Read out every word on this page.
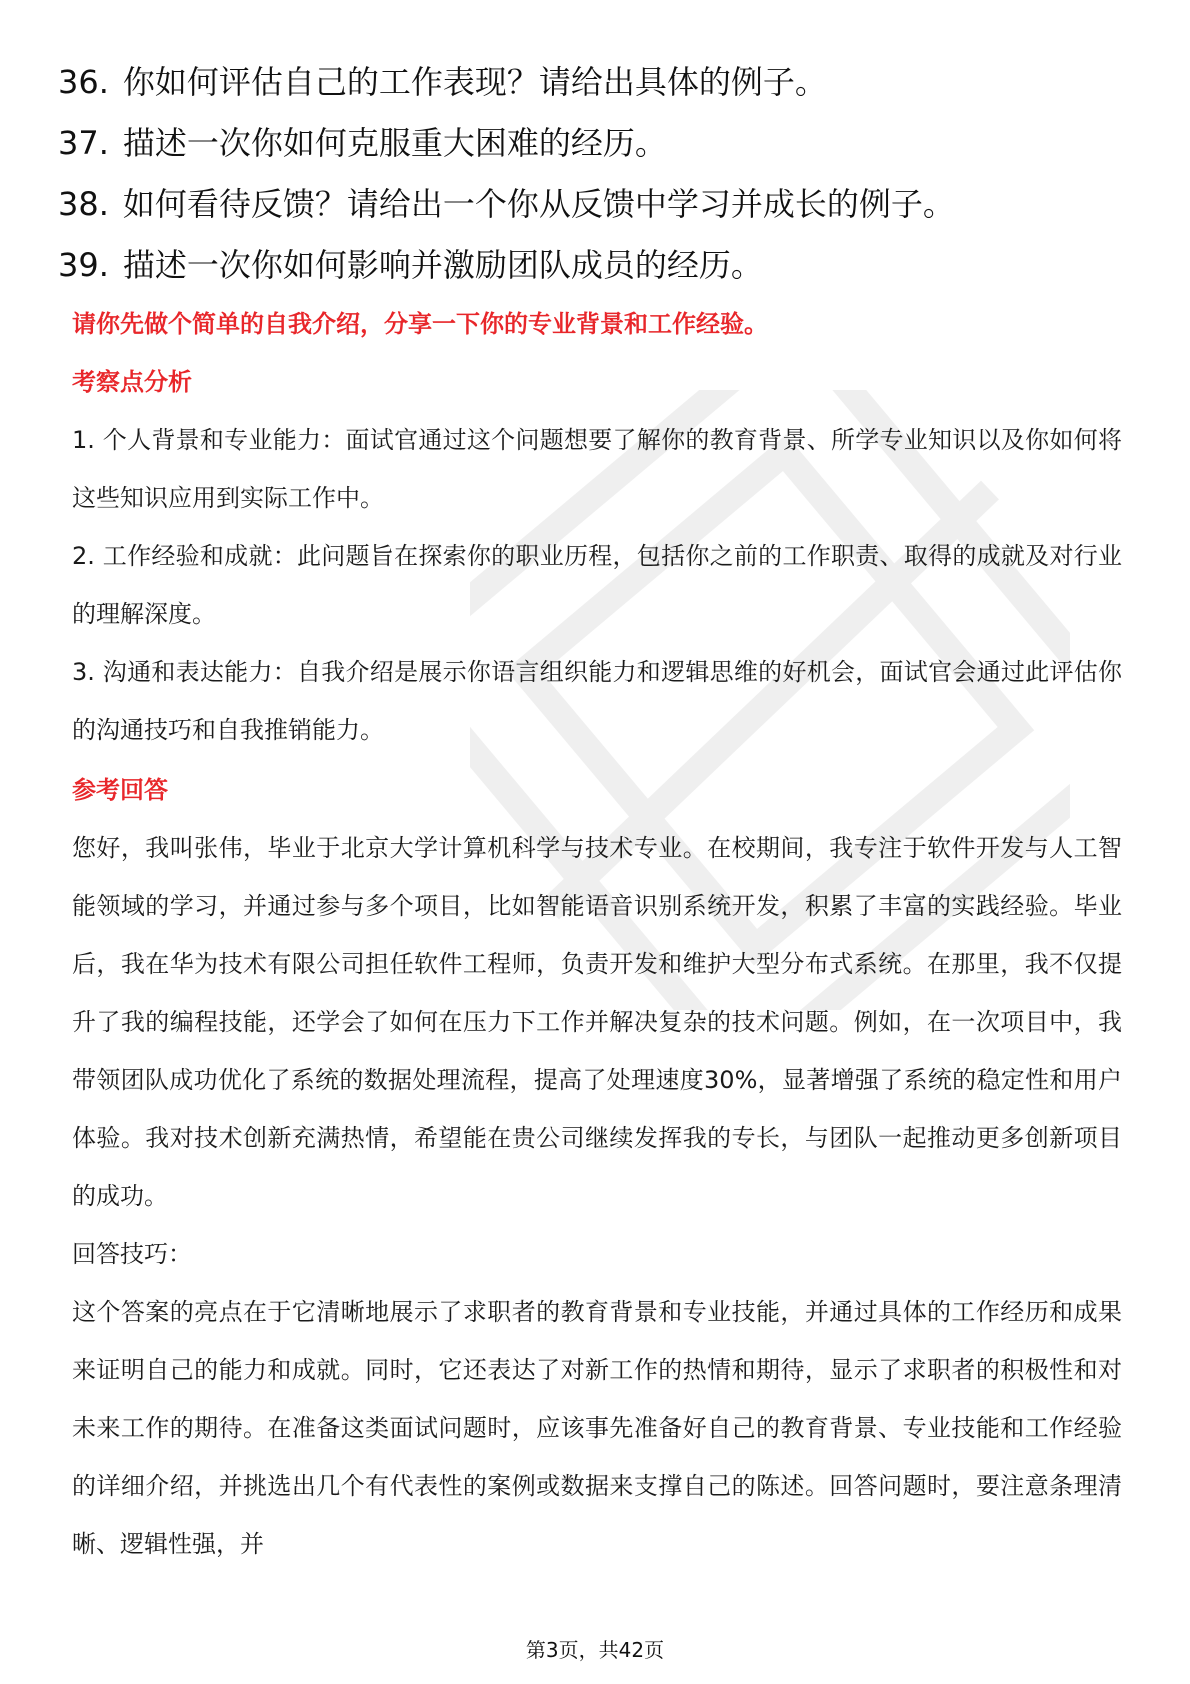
36. 你如何评估自己的工作表现？请给出具体的例子。
37. 描述一次你如何克服重大困难的经历。
38. 如何看待反馈？请给出一个你从反馈中学习并成长的例子。
39. 描述一次你如何影响并激励团队成员的经历。

请你先做个简单的自我介绍，分享一下你的专业背景和工作经验。

考察点分析

1. 个人背景和专业能力：面试官通过这个问题想要了解你的教育背景、所学专业知识以及你如何将这些知识应用到实际工作中。

2. 工作经验和成就：此问题旨在探索你的职业历程，包括你之前的工作职责、取得的成就及对行业的理解深度。

3. 沟通和表达能力：自我介绍是展示你语言组织能力和逻辑思维的好机会，面试官会通过此评估你的沟通技巧和自我推销能力。

参考回答

您好，我叫张伟，毕业于北京大学计算机科学与技术专业。在校期间，我专注于软件开发与人工智能领域的学习，并通过参与多个项目，比如智能语音识别系统开发，积累了丰富的实践经验。毕业后，我在华为技术有限公司担任软件工程师，负责开发和维护大型分布式系统。在那里，我不仅提升了我的编程技能，还学会了如何在压力下工作并解决复杂的技术问题。例如，在一次项目中，我带领团队成功优化了系统的数据处理流程，提高了处理速度30%，显著增强了系统的稳定性和用户体验。我对技术创新充满热情，希望能在贵公司继续发挥我的专长，与团队一起推动更多创新项目的成功。

回答技巧：

这个答案的亮点在于它清晰地展示了求职者的教育背景和专业技能，并通过具体的工作经历和成果来证明自己的能力和成就。同时，它还表达了对新工作的热情和期待，显示了求职者的积极性和对未来工作的期待。在准备这类面试问题时，应该事先准备好自己的教育背景、专业技能和工作经验的详细介绍，并挑选出几个有代表性的案例或数据来支撑自己的陈述。回答问题时，要注意条理清晰、逻辑性强，并

第3页，共42页
